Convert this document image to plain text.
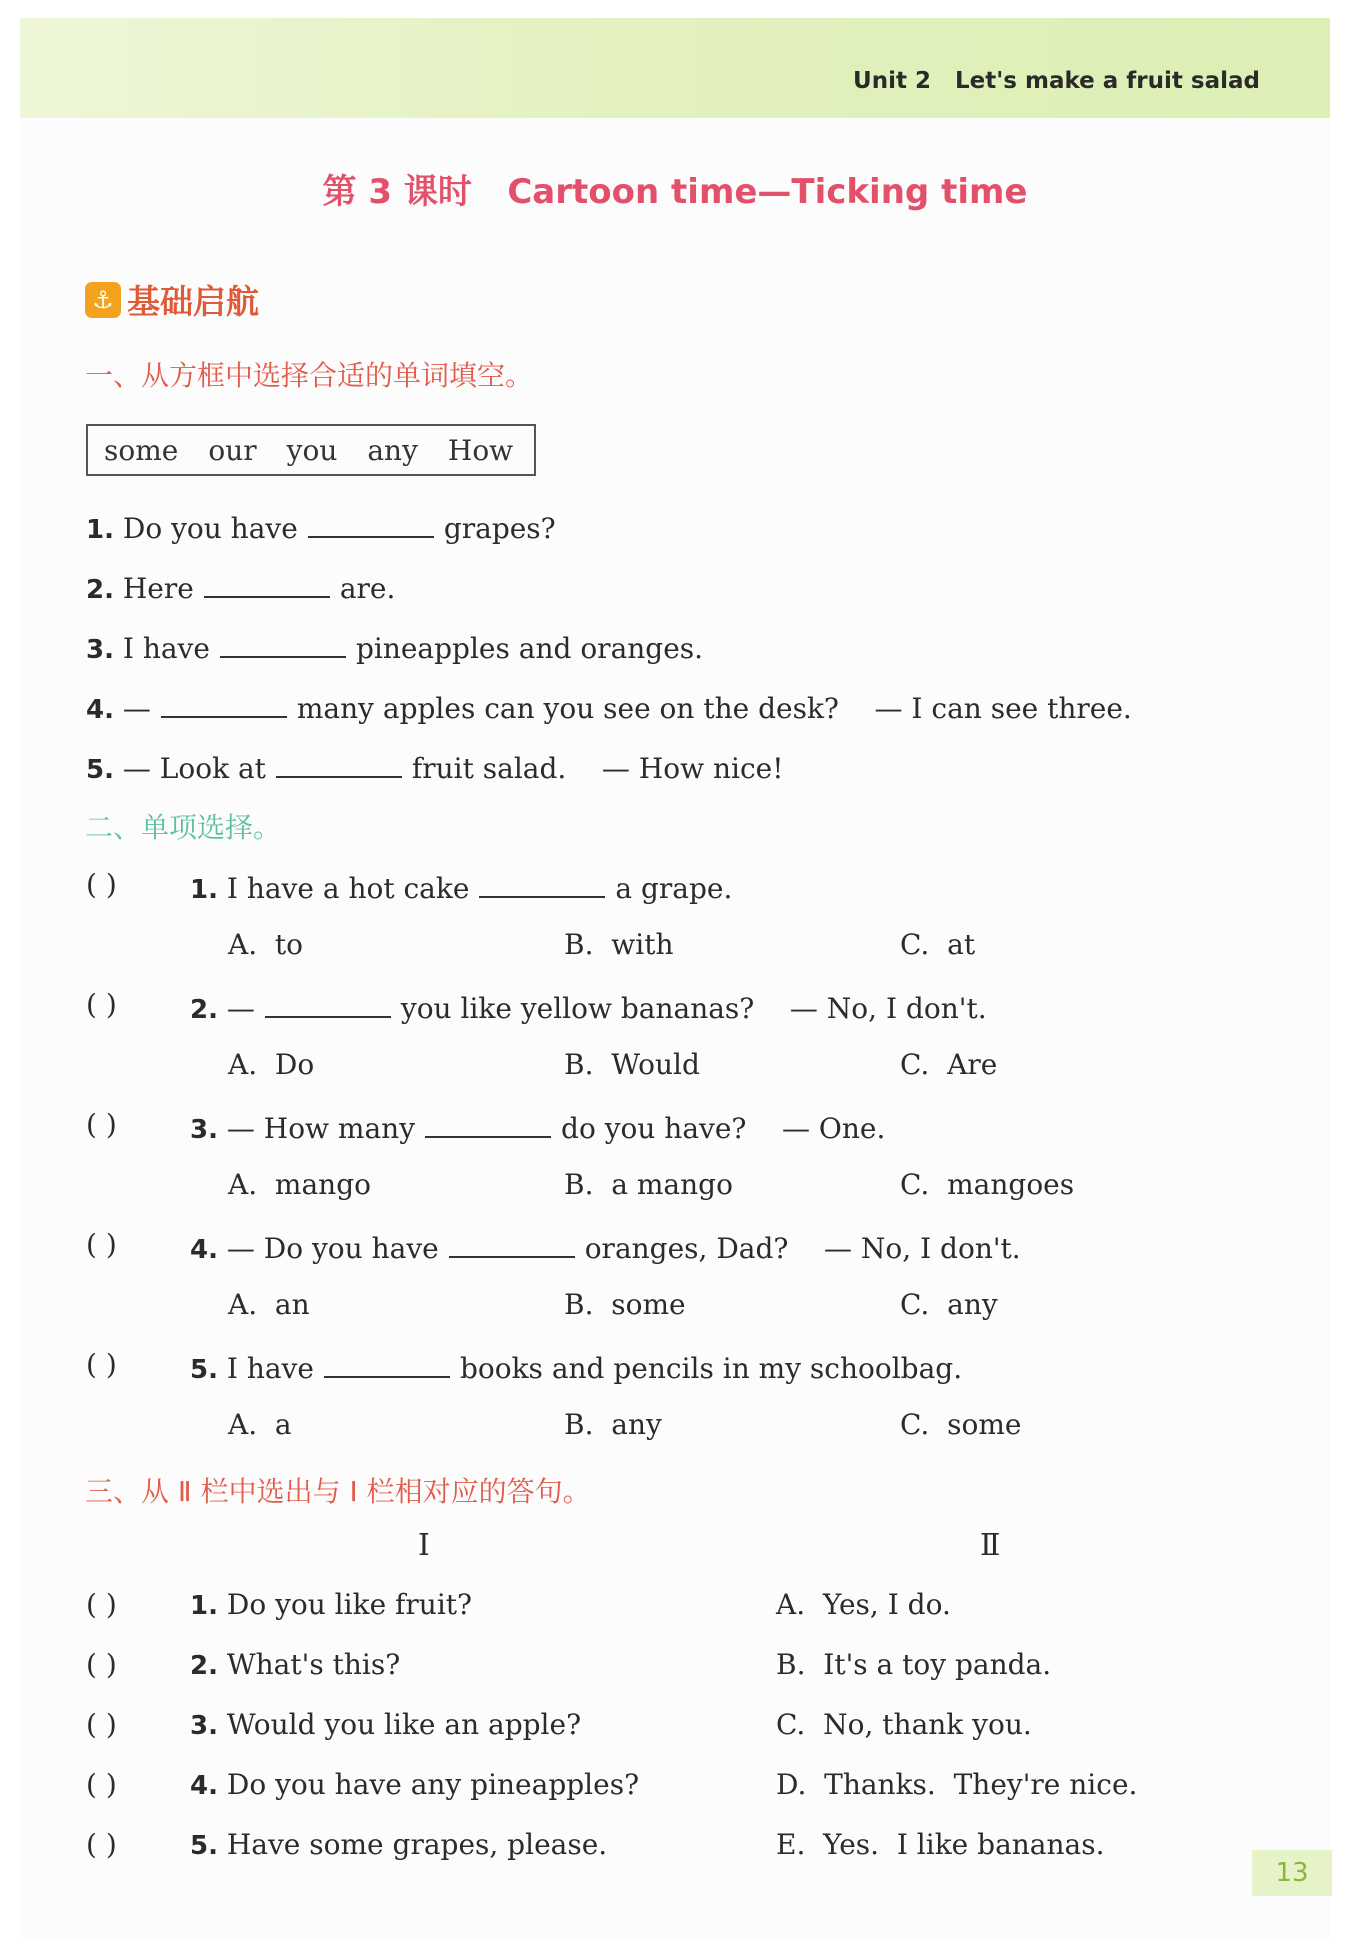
Unit 2 Let's make a fruit salad
第 3 课时   Cartoon time—Ticking time
⚓ 基础启航
一、从方框中选择合适的单词填空。
some our you any How
1. Do you have	grapes?
2. Here	are.
3. I have	pineapples and oranges.
4. —	many apples can you see on the desk?    — I can see three.
5. — Look at	fruit salad.    — How nice!
二、单项选择。
( )	1. I have a hot cake	a grape.
A.  to	B.  with	C.  at
( )	2. —	you like yellow bananas?    — No, I don't.
A.  Do	B.  Would	C.  Are
( )	3. — How many	do you have?    — One.
A.  mango	B.  a mango	C.  mangoes
( )	4. — Do you have	oranges, Dad?    — No, I don't.
A.  an	B.  some	C.  any
( )	5. I have	books and pencils in my schoolbag.
A.  a	B.  any	C.  some
三、从 Ⅱ 栏中选出与 Ⅰ 栏相对应的答句。
Ⅰ	Ⅱ
( )	1. Do you like fruit?	A.  Yes, I do.
( )	2. What's this?	B.  It's a toy panda.
( )	3. Would you like an apple?	C.  No, thank you.
( )	4. Do you have any pineapples?	D.  Thanks.  They're nice.
( )	5. Have some grapes, please.	E.  Yes.  I like bananas.
13
